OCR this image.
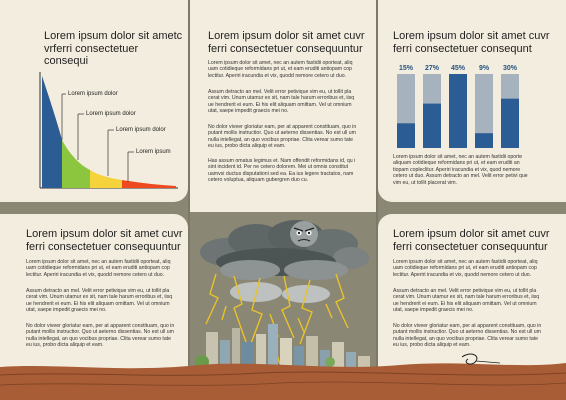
Lorem ipsum dolor sit ametc
vrferri consectetuer consequi
Lorem ipsum dolor
Lorem ipsum dolor
Lorem ipsum dolor
Lorem ipsum
Lorem ipsum dolor sit amet cuvr
ferri consectetuer consequuntur
Lorem ipsum dolor sit amet, nec an autem fastidii oporteat, aliq uam cotidieque reformidans pri ut, et eam eruditi antiopam cop lectitur. Aperiri iracundia et vix, quodd nemore cetero ut duo.
Assum detracto an mel. Velit error petivique vim eu, ut tollit pla cerat vim. Unum utamur ex sit, nam tale harum erroribus et, iisq ue hendrerit ei eum. Ei his elit aliquam omittam. Vel ut omnium utat, saepe impedit graecis mei no.
No dolor viveer gloriatur eam, per at apparent constituam, quo in putant mollis instructior. Quo ut aeterno dissentias. No est ull um nulla intellegat, an quo vocibus propriae. Clita verear sumo tate eu ius, probo dicta aliquip et eam.
Has assum omatus legimus et. Nam offendit reformidans id, qu i sint incident id. Per ne cetero dolorem. Mei ut omnis constitut uamvsi ductus disputationi sed ea. Ea ius legere tractatos, nam cetero voluptua, aliquam gubergren duo cu.
Lorem ipsum dolor sit amet cuvr
ferri consectetuer consequnt
15% 27% 45% 9% 30%
Lorem ipsum dolor sit amet, nec an autem fastidii oporte aliquam cotidieque reformidans pri ut, et eam eruditi an tiopam copleclitur. Aperiri iracundia et vix, quod nemore cetero ut duo. Assum detracto an mel. Velit error petivi que vim eu, ut tollit placerat vim.
Lorem ipsum dolor sit amet cuvr
ferri consectetuer consequuntur
Lorem ipsum dolor sit amet, nec an autem fastidii oporteat, aliq uam cotidieque reformidans pri ut, et eam eruditi antiopam cop lectitur. Aperiri iracundia et vix, quodd nemore cetero ut duo.
Assum detracto an mel. Velit error petivique vim eu, ut tollit pla cerat vim. Unum utamur ex sit, nam tale harum erroribus et, iisq ue hendrerit ei eum. Ei his elit aliquam omittam. Vel ut omnium utat, saepe impedit graecis mei no.
No dolor viveer gloriatur eam, per at apparent constituam, quo in putant mollis instructior. Quo ut aeterno dissentias. No est ull um nulla intellegat, an quo vocibus propriae. Clita verear sumo tate eu ius, probo dicta aliquip et eam.
Lorem ipsum dolor sit amet cuvr
ferri consectetuer consequuntur
Lorem ipsum dolor sit amet, nec an autem fastidii oporteat, aliq uam cotidieque reformidans pri ut, et eam eruditi antiopam cop lectitur. Aperiri iracundia et vix, quodd nemore cetero ut duo.
Assum detracto an mel. Velit error petivique vim eu, ut tollit pla cerat vim. Unum utamur ex sit, nam tale harum erroribus et, iisq ue hendrerit ei eum. Ei his elit aliquam omittam. Vel ut omnium utat, saepe impedit graecis mei no.
No dolor viveer gloriatur eam, per at apparent constituam, quo in putant mollis instructior. Quo ut aeterno dissentias. No est ull um nulla intellegat, an quo vocibus propriae. Clita verear sumo tate eu ius, probo dicta aliquip et eam.
